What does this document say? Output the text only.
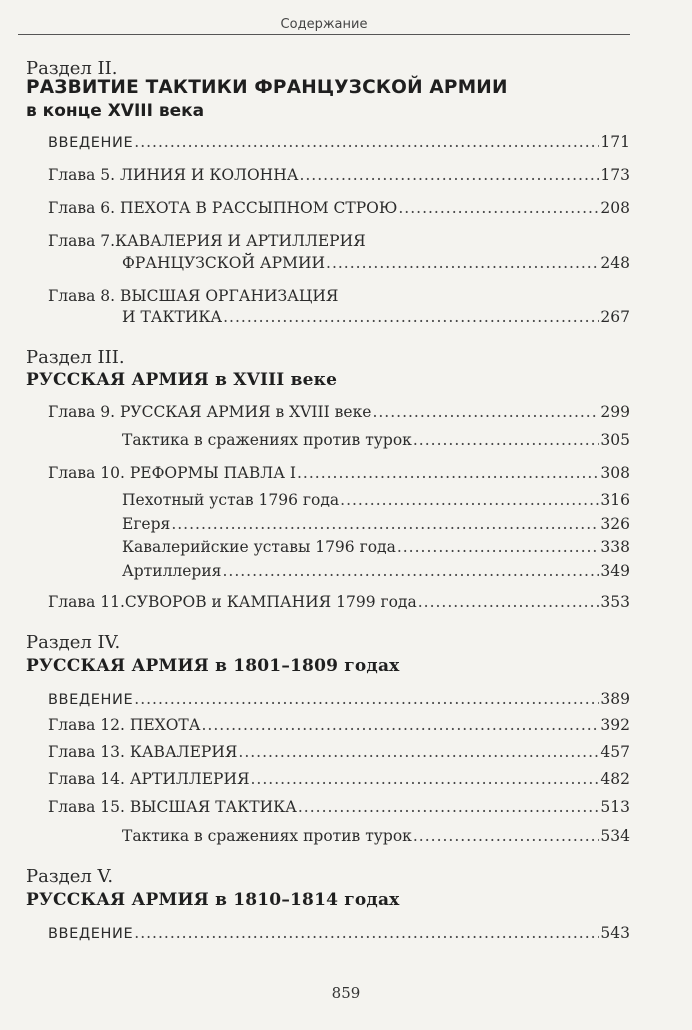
Содержание
Раздел II.
РАЗВИТИЕ ТАКТИКИ ФРАНЦУЗСКОЙ АРМИИ
в конце XVIII века
ВВЕДЕНИЕ .....	171
Глава 5. ЛИНИЯ И КОЛОННА .....	173
Глава 6. ПЕХОТА В РАССЫПНОМ СТРОЮ .....	208
Глава 7.КАВАЛЕРИЯ И АРТИЛЛЕРИЯ
ФРАНЦУЗСКОЙ АРМИИ .....	248
Глава 8. ВЫСШАЯ ОРГАНИЗАЦИЯ
И ТАКТИКА .....	267
Раздел III.
РУССКАЯ АРМИЯ в XVIII веке
Глава 9. РУССКАЯ АРМИЯ в XVIII веке .....	299
Тактика в сражениях против турок .....	305
Глава 10. РЕФОРМЫ ПАВЛА I .....	308
Пехотный устав 1796 года .....	316
Егеря .....	326
Кавалерийские уставы 1796 года .....	338
Артиллерия .....	349
Глава 11.СУВОРОВ и КАМПАНИЯ 1799 года .....	353
Раздел IV.
РУССКАЯ АРМИЯ в 1801–1809 годах
ВВЕДЕНИЕ .....	389
Глава 12. ПЕХОТА .....	392
Глава 13. КАВАЛЕРИЯ .....	457
Глава 14. АРТИЛЛЕРИЯ .....	482
Глава 15. ВЫСШАЯ ТАКТИКА .....	513
Тактика в сражениях против турок .....	534
Раздел V.
РУССКАЯ АРМИЯ в 1810–1814 годах
ВВЕДЕНИЕ .....	543
859
